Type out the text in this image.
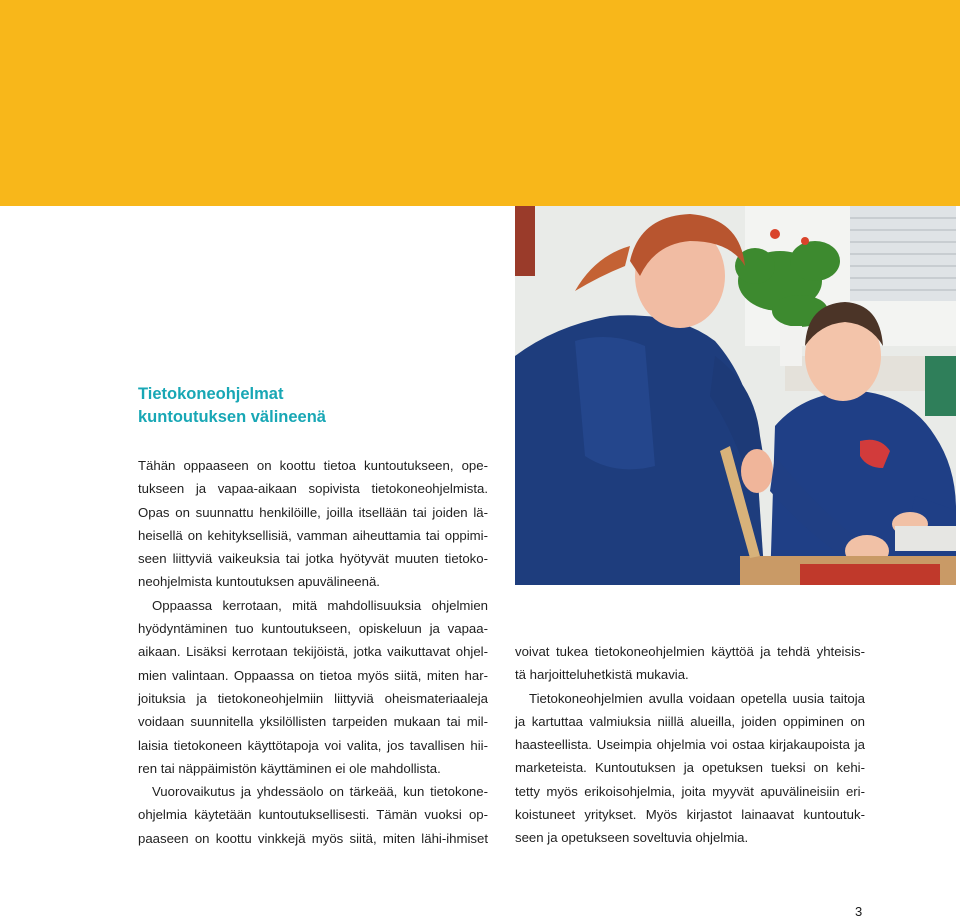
Tietokoneohjelmat
kuntoutuksen välineenä

Tähän oppaaseen on koottu tietoa kuntoutukseen, ope-
tukseen ja vapaa-aikaan sopivista tietokoneohjelmista.
Opas on suunnattu henkilöille, joilla itsellään tai joiden lä-
heisellä on kehityksellisiä, vamman aiheuttamia tai oppimi-
seen liittyviä vaikeuksia tai jotka hyötyvät muuten tietoko-
neohjelmista kuntoutuksen apuvälineenä.

Oppaassa kerrotaan, mitä mahdollisuuksia ohjelmien
hyödyntäminen tuo kuntoutukseen, opiskeluun ja vapaa-
aikaan. Lisäksi kerrotaan tekijöistä, jotka vaikuttavat ohjel-
mien valintaan. Oppaassa on tietoa myös siitä, miten har-
joituksia ja tietokoneohjelmiin liittyviä oheismateriaaleja
voidaan suunnitella yksilöllisten tarpeiden mukaan tai mil-
laisia tietokoneen käyttötapoja voi valita, jos tavallisen hii-
ren tai näppäimistön käyttäminen ei ole mahdollista.

Vuorovaikutus ja yhdessäolo on tärkeää, kun tietokone-
ohjelmia käytetään kuntoutuksellisesti. Tämän vuoksi op-
paaseen on koottu vinkkejä myös siitä, miten lähi-ihmiset

voivat tukea tietokoneohjelmien käyttöä ja tehdä yhteisis-
tä harjoitteluhetkistä mukavia.

Tietokoneohjelmien avulla voidaan opetella uusia taitoja
ja kartuttaa valmiuksia niillä alueilla, joiden oppiminen on
haasteellista. Useimpia ohjelmia voi ostaa kirjakaupoista ja
marketeista. Kuntoutuksen ja opetuksen tueksi on kehi-
tetty myös erikoisohjelmia, joita myyvät apuvälineisiin eri-
koistuneet yritykset. Myös kirjastot lainaavat kuntoutuk-
seen ja opetukseen soveltuvia ohjelmia.

3
